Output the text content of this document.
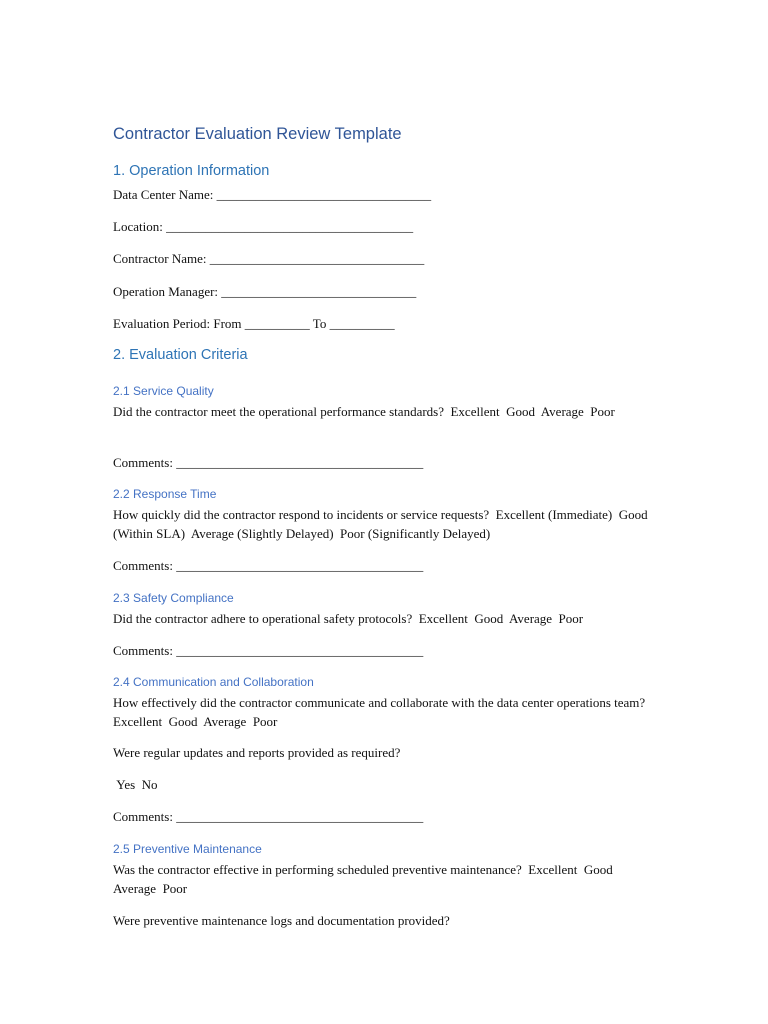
Contractor Evaluation Review Template
1. Operation Information

Data Center Name: _________________________________

Location: ______________________________________

Contractor Name: _________________________________

Operation Manager: ______________________________

Evaluation Period: From __________ To __________

2. Evaluation Criteria
2.1 Service Quality

Did the contractor meet the operational performance standards?  Excellent  Good  Average  Poor

Comments: ______________________________________

2.2 Response Time

How quickly did the contractor respond to incidents or service requests?  Excellent (Immediate)  Good (Within SLA)  Average (Slightly Delayed)  Poor (Significantly Delayed)

Comments: ______________________________________

2.3 Safety Compliance

Did the contractor adhere to operational safety protocols?  Excellent  Good  Average  Poor

Comments: ______________________________________

2.4 Communication and Collaboration

How effectively did the contractor communicate and collaborate with the data center operations team?  Excellent  Good  Average  Poor

Were regular updates and reports provided as required?

Yes  No

Comments: ______________________________________

2.5 Preventive Maintenance

Was the contractor effective in performing scheduled preventive maintenance?  Excellent  Good  Average  Poor

Were preventive maintenance logs and documentation provided?
